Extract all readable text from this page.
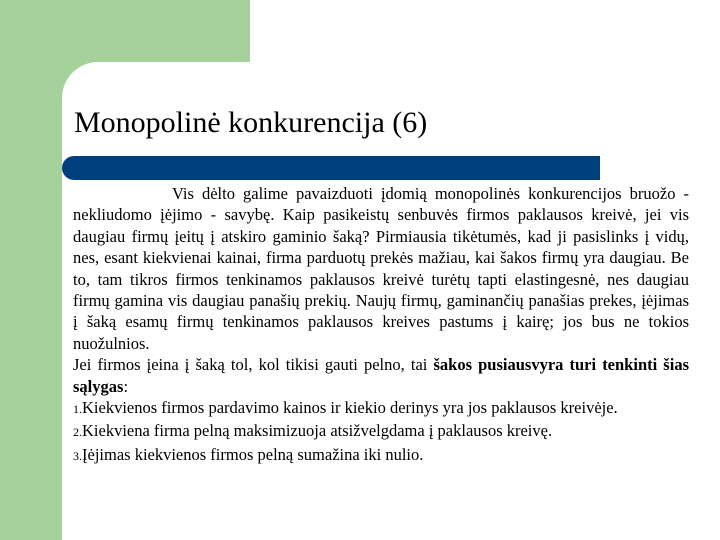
Monopolinė konkurencija (6)

Vis dėlto galime pavaizduoti įdomią monopolinės konkurencijos bruožo - nekliudomo įėjimo - savybę. Kaip pasikeistų senbuvės firmos paklausos kreivė, jei vis daugiau firmų įeitų į atskiro gaminio šaką? Pirmiausia tikėtumės, kad ji pasislinks į vidų, nes, esant kiekvienai kainai, firma parduotų prekės mažiau, kai šakos firmų yra daugiau. Be to, tam tikros firmos tenkinamos paklausos kreivė turėtų tapti elastingesnė, nes daugiau firmų gamina vis daugiau panašių prekių. Naujų firmų, gaminančių panašias prekes, įėjimas į šaką esamų firmų tenkinamos paklausos kreives pastums į kairę; jos bus ne tokios nuožulnios.

Jei firmos įeina į šaką tol, kol tikisi gauti pelno, tai šakos pusiausvyra turi tenkinti šias sąlygas:

1.Kiekvienos firmos pardavimo kainos ir kiekio derinys yra jos paklausos kreivėje.

2.Kiekviena firma pelną maksimizuoja atsižvelgdama į paklausos kreivę.

3.Įėjimas kiekvienos firmos pelną sumažina iki nulio.
